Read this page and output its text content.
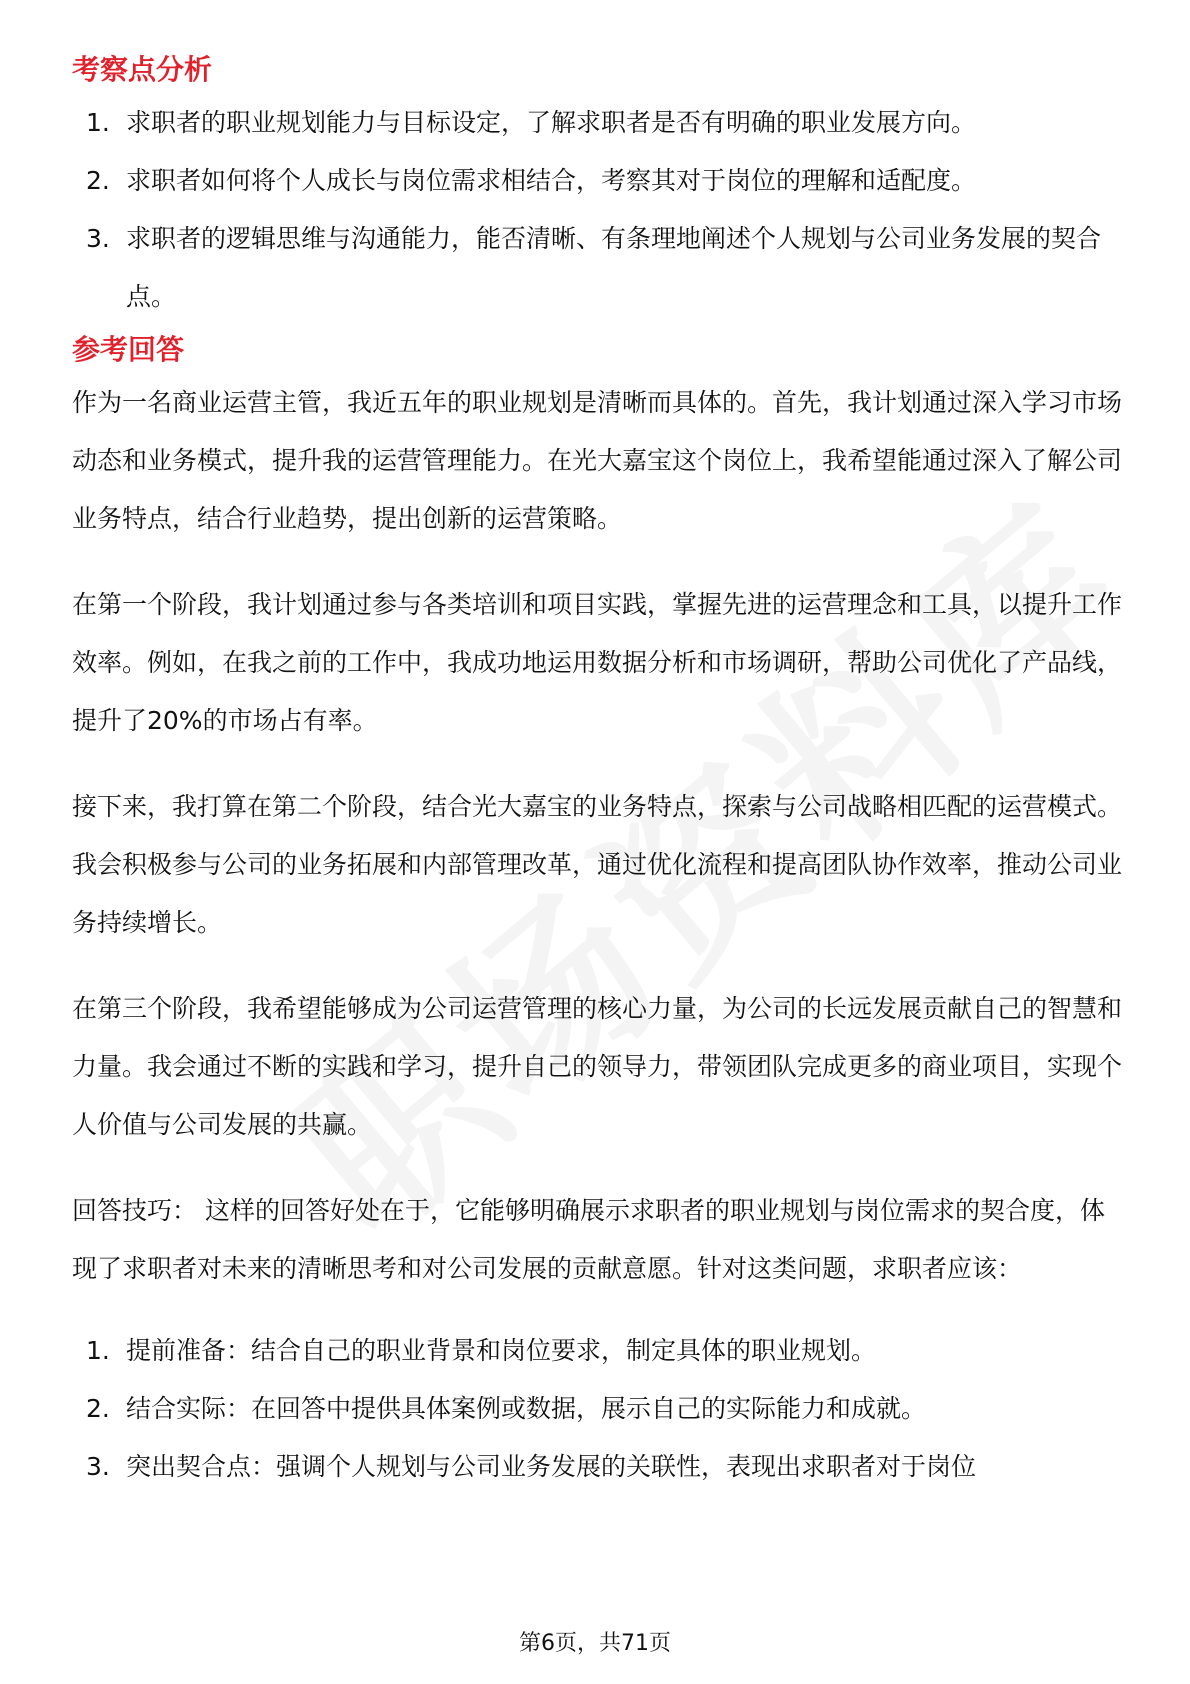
考察点分析
1. 求职者的职业规划能力与目标设定，了解求职者是否有明确的职业发展方向。
2. 求职者如何将个人成长与岗位需求相结合，考察其对于岗位的理解和适配度。
3. 求职者的逻辑思维与沟通能力，能否清晰、有条理地阐述个人规划与公司业务发展的契合点。
参考回答

作为一名商业运营主管，我近五年的职业规划是清晰而具体的。首先，我计划通过深入学习市场动态和业务模式，提升我的运营管理能力。在光大嘉宝这个岗位上，我希望能通过深入了解公司业务特点，结合行业趋势，提出创新的运营策略。

在第一个阶段，我计划通过参与各类培训和项目实践，掌握先进的运营理念和工具，以提升工作效率。例如，在我之前的工作中，我成功地运用数据分析和市场调研，帮助公司优化了产品线，提升了20%的市场占有率。

接下来，我打算在第二个阶段，结合光大嘉宝的业务特点，探索与公司战略相匹配的运营模式。我会积极参与公司的业务拓展和内部管理改革，通过优化流程和提高团队协作效率，推动公司业务持续增长。

在第三个阶段，我希望能够成为公司运营管理的核心力量，为公司的长远发展贡献自己的智慧和力量。我会通过不断的实践和学习，提升自己的领导力，带领团队完成更多的商业项目，实现个人价值与公司发展的共赢。

回答技巧： 这样的回答好处在于，它能够明确展示求职者的职业规划与岗位需求的契合度，体现了求职者对未来的清晰思考和对公司发展的贡献意愿。针对这类问题，求职者应该：

1. 提前准备：结合自己的职业背景和岗位要求，制定具体的职业规划。
2. 结合实际：在回答中提供具体案例或数据，展示自己的实际能力和成就。
3. 突出契合点：强调个人规划与公司业务发展的关联性，表现出求职者对于岗位
第6页，共71页
